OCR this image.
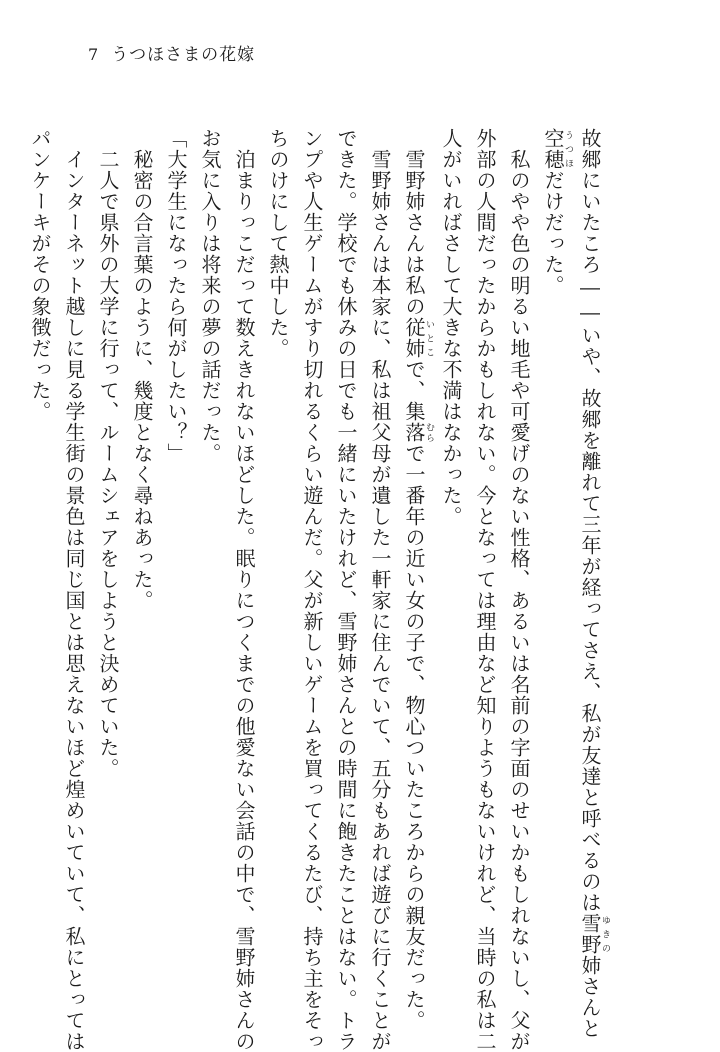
7 うつほさまの花嫁
故郷にいたころ――いや、故郷を離れて三年が経ってさえ、私が友達と呼べるのは雪野ゆきの姉さんと
空穂うつほだけだった。
　私のやや色の明るい地毛や可愛げのない性格、あるいは名前の字面のせいかもしれないし、父が
外部の人間だったからかもしれない。今となっては理由など知りようもないけれど、当時の私は二
人がいればさして大きな不満はなかった。
　雪野姉さんは私の従姉いとこで、集落むらで一番年の近い女の子で、物心ついたころからの親友だった。
　雪野姉さんは本家に、私は祖父母が遺した一軒家に住んでいて、五分もあれば遊びに行くことが
できた。学校でも休みの日でも一緒にいたけれど、雪野姉さんとの時間に飽きたことはない。トラ
ンプや人生ゲームがすり切れるくらい遊んだ。父が新しいゲームを買ってくるたび、持ち主をそっ
ちのけにして熱中した。
　泊まりっこだって数えきれないほどした。眠りにつくまでの他愛ない会話の中で、雪野姉さんの
お気に入りは将来の夢の話だった。
「大学生になったら何がしたい？」
　秘密の合言葉のように、幾度となく尋ねあった。
　二人で県外の大学に行って、ルームシェアをしようと決めていた。
　インターネット越しに見る学生街の景色は同じ国とは思えないほど煌めいていて、私にとっては
パンケーキがその象徴だった。
